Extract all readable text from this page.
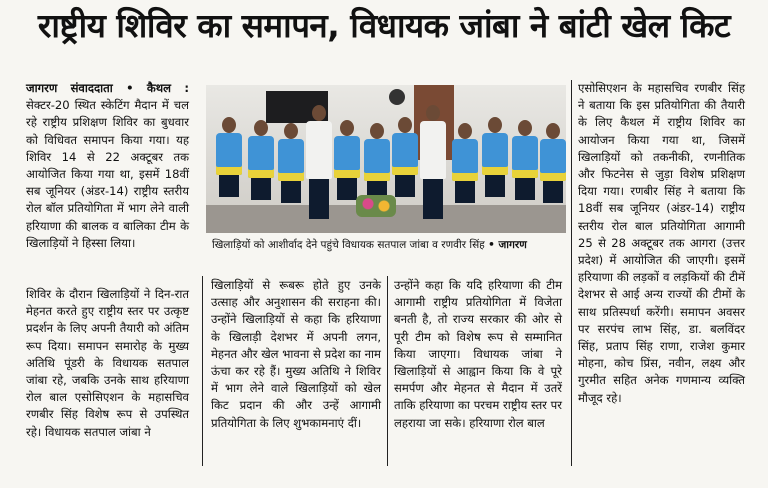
राष्ट्रीय शिविर का समापन, विधायक जांबा ने बांटी खेल किट

जागरण संवाददाता • कैथल : सेक्टर-20 स्थित स्केटिंग मैदान में चल रहे राष्ट्रीय प्रशिक्षण शिविर का बुधवार को विधिवत समापन किया गया। यह शिविर 14 से 22 अक्टूबर तक आयोजित किया गया था, इसमें 18वीं सब जूनियर (अंडर-14) राष्ट्रीय स्तरीय रोल बॉल प्रतियोगिता में भाग लेने वाली हरियाणा की बालक व बालिका टीम के खिलाड़ियों ने हिस्सा लिया।

शिविर के दौरान खिलाड़ियों ने दिन-रात मेहनत करते हुए राष्ट्रीय स्तर पर उत्कृष्ट प्रदर्शन के लिए अपनी तैयारी को अंतिम रूप दिया। समापन समारोह के मुख्य अतिथि पूंडरी के विधायक सतपाल जांबा रहे, जबकि उनके साथ हरियाणा रोल बाल एसोसिएशन के महासचिव रणबीर सिंह विशेष रूप से उपस्थित रहे। विधायक सतपाल जांबा ने

खिलाड़ियों को आशीर्वाद देने पहुंचे विधायक सतपाल जांबा व रणवीर सिंह • जागरण

खिलाड़ियों से रूबरू होते हुए उनके उत्साह और अनुशासन की सराहना की। उन्होंने खिलाड़ियों से कहा कि हरियाणा के खिलाड़ी देशभर में अपनी लगन, मेहनत और खेल भावना से प्रदेश का नाम ऊंचा कर रहे हैं। मुख्य अतिथि ने शिविर में भाग लेने वाले खिलाड़ियों को खेल किट प्रदान की और उन्हें आगामी प्रतियोगिता के लिए शुभकामनाएं दीं।

उन्होंने कहा कि यदि हरियाणा की टीम आगामी राष्ट्रीय प्रतियोगिता में विजेता बनती है, तो राज्य सरकार की ओर से पूरी टीम को विशेष रूप से सम्मानित किया जाएगा। विधायक जांबा ने खिलाड़ियों से आह्वान किया कि वे पूरे समर्पण और मेहनत से मैदान में उतरें ताकि हरियाणा का परचम राष्ट्रीय स्तर पर लहराया जा सके। हरियाणा रोल बाल

एसोसिएशन के महासचिव रणबीर सिंह ने बताया कि इस प्रतियोगिता की तैयारी के लिए कैथल में राष्ट्रीय शिविर का आयोजन किया गया था, जिसमें खिलाड़ियों को तकनीकी, रणनीतिक और फिटनेस से जुड़ा विशेष प्रशिक्षण दिया गया। रणबीर सिंह ने बताया कि 18वीं सब जूनियर (अंडर-14) राष्ट्रीय स्तरीय रोल बाल प्रतियोगिता आगामी 25 से 28 अक्टूबर तक आगरा (उत्तर प्रदेश) में आयोजित की जाएगी। इसमें हरियाणा की लड़कों व लड़कियों की टीमें देशभर से आई अन्य राज्यों की टीमों के साथ प्रतिस्पर्धा करेंगी। समापन अवसर पर सरपंच लाभ सिंह, डा. बलविंदर सिंह, प्रताप सिंह राणा, राजेश कुमार मोहना, कोच प्रिंस, नवीन, लक्ष्य और गुरमीत सहित अनेक गणमान्य व्यक्ति मौजूद रहे।
